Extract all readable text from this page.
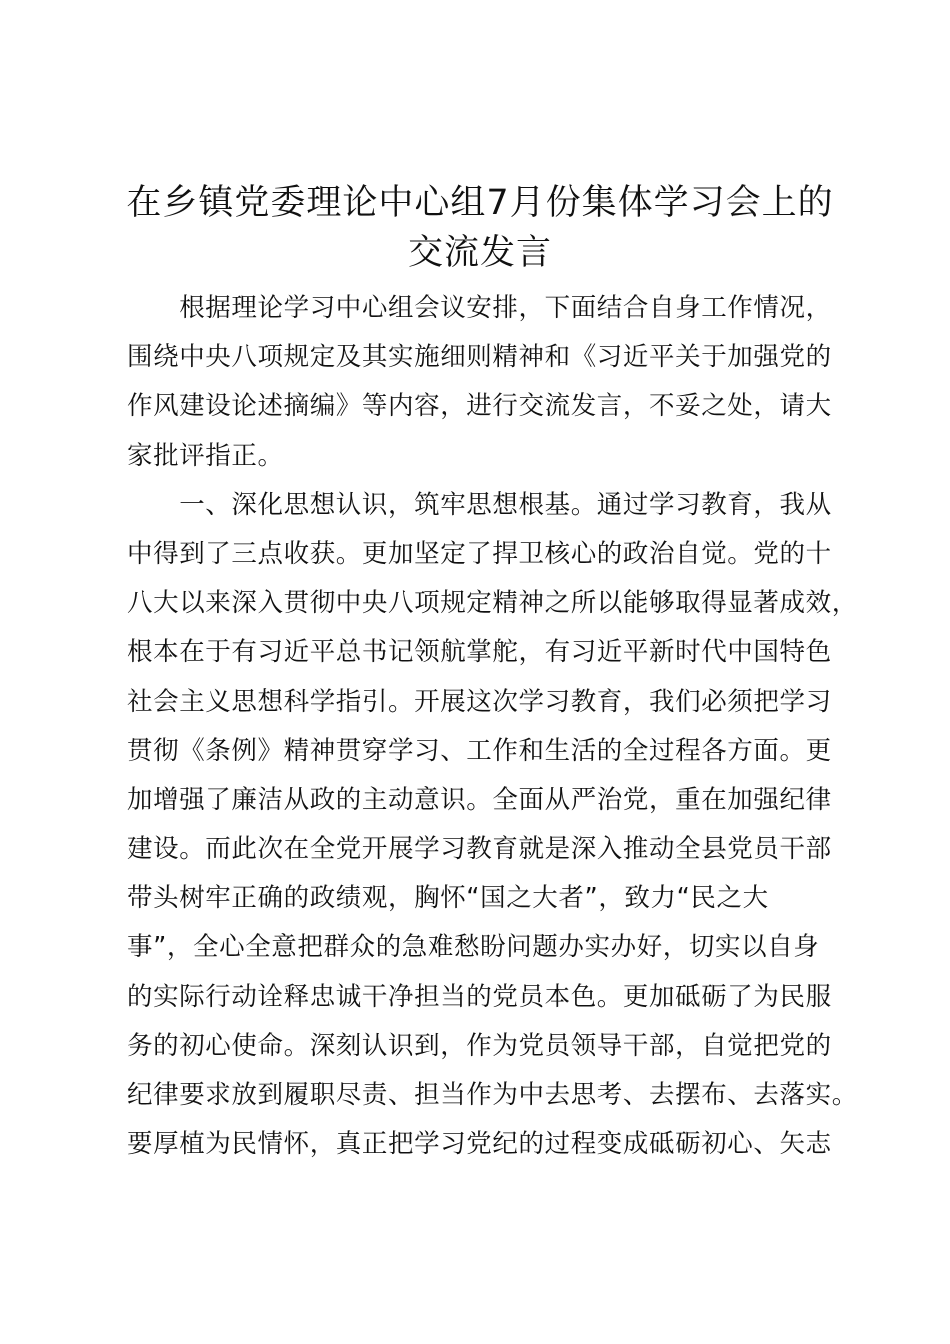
在乡镇党委理论中心组7月份集体学习会上的
交流发言
　　根据理论学习中心组会议安排，下面结合自身工作情况，
围绕中央八项规定及其实施细则精神和《习近平关于加强党的
作风建设论述摘编》等内容，进行交流发言，不妥之处，请大
家批评指正。
　　一、深化思想认识，筑牢思想根基。通过学习教育，我从
中得到了三点收获。更加坚定了捍卫核心的政治自觉。党的十
八大以来深入贯彻中央八项规定精神之所以能够取得显著成效，
根本在于有习近平总书记领航掌舵，有习近平新时代中国特色
社会主义思想科学指引。开展这次学习教育，我们必须把学习
贯彻《条例》精神贯穿学习、工作和生活的全过程各方面。更
加增强了廉洁从政的主动意识。全面从严治党，重在加强纪律
建设。而此次在全党开展学习教育就是深入推动全县党员干部
带头树牢正确的政绩观，胸怀“国之大者”，致力“民之大
事”，全心全意把群众的急难愁盼问题办实办好，切实以自身
的实际行动诠释忠诚干净担当的党员本色。更加砥砺了为民服
务的初心使命。深刻认识到，作为党员领导干部，自觉把党的
纪律要求放到履职尽责、担当作为中去思考、去摆布、去落实。
要厚植为民情怀，真正把学习党纪的过程变成砥砺初心、矢志
